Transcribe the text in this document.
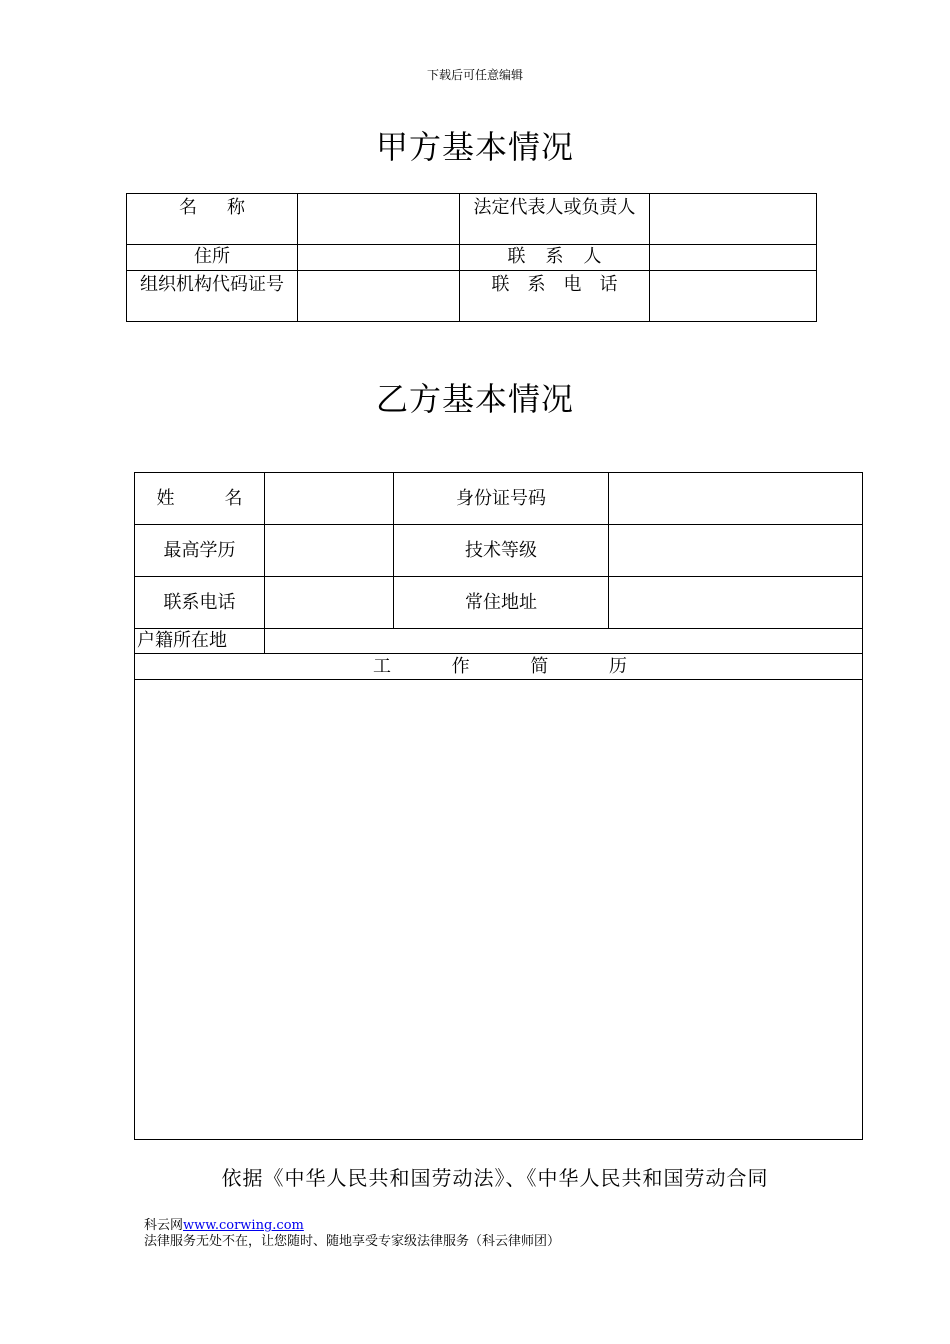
下载后可任意编辑
甲方基本情况
名 称		法定代表人或负责人	
住所		联 系 人	

组织机构代码证号		联 系 电 话	

乙方基本情况
姓 名		身份证号码	
最高学历		技术等级	
联系电话		常住地址	
户籍所在地			

工 作 简 历			

依据《中华人民共和国劳动法》、《中华人民共和国劳动合同
科云网www.corwing.com
法律服务无处不在，让您随时、随地享受专家级法律服务（科云律师团）
